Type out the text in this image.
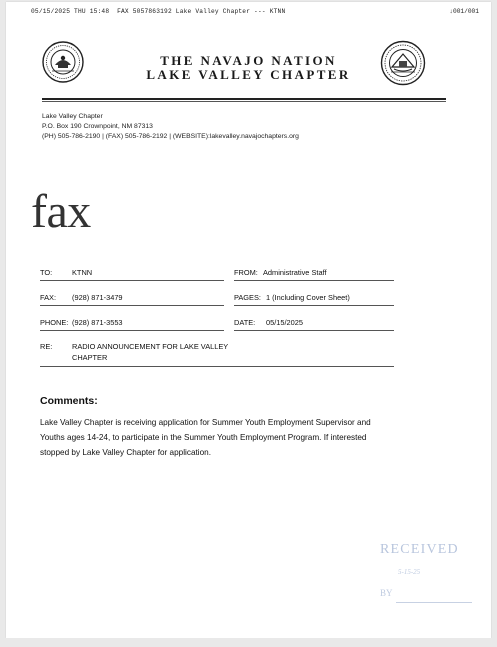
05/15/2025 THU 15:48  FAX 5057863192 Lake Valley Chapter --- KTNN	↓001/001
THE NAVAJO NATION
LAKE VALLEY CHAPTER
Lake Valley Chapter
P.O. Box 190 Crownpoint, NM 87313
(PH) 505-786-2190 | (FAX) 505-786-2192 | (WEBSITE):lakevalley.navajochapters.org
fax
TO:	KTNN	FROM: Administrative Staff
FAX: (928) 871-3479	PAGES: 1 (Including Cover Sheet)
PHONE: (928) 871-3553	DATE: 05/15/2025
RE:	RADIO ANNOUNCEMENT FOR LAKE VALLEY
CHAPTER
Comments:
Lake Valley Chapter is receiving application for Summer Youth Employment Supervisor and
Youths ages 14-24, to participate in the Summer Youth Employment Program. If interested
stopped by Lake Valley Chapter for application.
RECEIVED
5-15-25
BY
